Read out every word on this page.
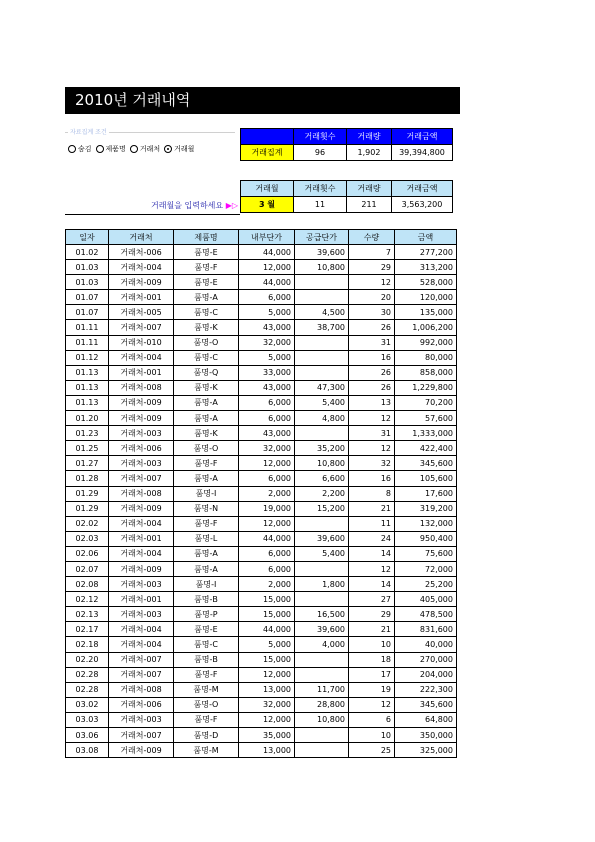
2010년 거래내역
자료집계 조건
숨김 제품명 거래처 거래월
	거래횟수	거래량	거래금액
거래집계	96	1,902	39,394,800
거래월을 입력하세요 ▶▷
거래월	거래횟수	거래량	거래금액
3 월	11	211	3,563,200
일자	거래처	제품명	내부단가	공급단가	수량	금액
01.02	거래처-006	품명-E	44,000	39,600	7	277,200
01.03	거래처-004	품명-F	12,000	10,800	29	313,200
01.03	거래처-009	품명-E	44,000		12	528,000
01.07	거래처-001	품명-A	6,000		20	120,000
01.07	거래처-005	품명-C	5,000	4,500	30	135,000
01.11	거래처-007	품명-K	43,000	38,700	26	1,006,200
01.11	거래처-010	품명-O	32,000		31	992,000
01.12	거래처-004	품명-C	5,000		16	80,000
01.13	거래처-001	품명-Q	33,000		26	858,000
01.13	거래처-008	품명-K	43,000	47,300	26	1,229,800
01.13	거래처-009	품명-A	6,000	5,400	13	70,200
01.20	거래처-009	품명-A	6,000	4,800	12	57,600
01.23	거래처-003	품명-K	43,000		31	1,333,000
01.25	거래처-006	품명-O	32,000	35,200	12	422,400
01.27	거래처-003	품명-F	12,000	10,800	32	345,600
01.28	거래처-007	품명-A	6,000	6,600	16	105,600
01.29	거래처-008	품명-I	2,000	2,200	8	17,600
01.29	거래처-009	품명-N	19,000	15,200	21	319,200
02.02	거래처-004	품명-F	12,000		11	132,000
02.03	거래처-001	품명-L	44,000	39,600	24	950,400
02.06	거래처-004	품명-A	6,000	5,400	14	75,600
02.07	거래처-009	품명-A	6,000		12	72,000
02.08	거래처-003	품명-I	2,000	1,800	14	25,200
02.12	거래처-001	품명-B	15,000		27	405,000
02.13	거래처-003	품명-P	15,000	16,500	29	478,500
02.17	거래처-004	품명-E	44,000	39,600	21	831,600
02.18	거래처-004	품명-C	5,000	4,000	10	40,000
02.20	거래처-007	품명-B	15,000		18	270,000
02.28	거래처-007	품명-F	12,000		17	204,000
02.28	거래처-008	품명-M	13,000	11,700	19	222,300
03.02	거래처-006	품명-O	32,000	28,800	12	345,600
03.03	거래처-003	품명-F	12,000	10,800	6	64,800
03.06	거래처-007	품명-D	35,000		10	350,000
03.08	거래처-009	품명-M	13,000		25	325,000
